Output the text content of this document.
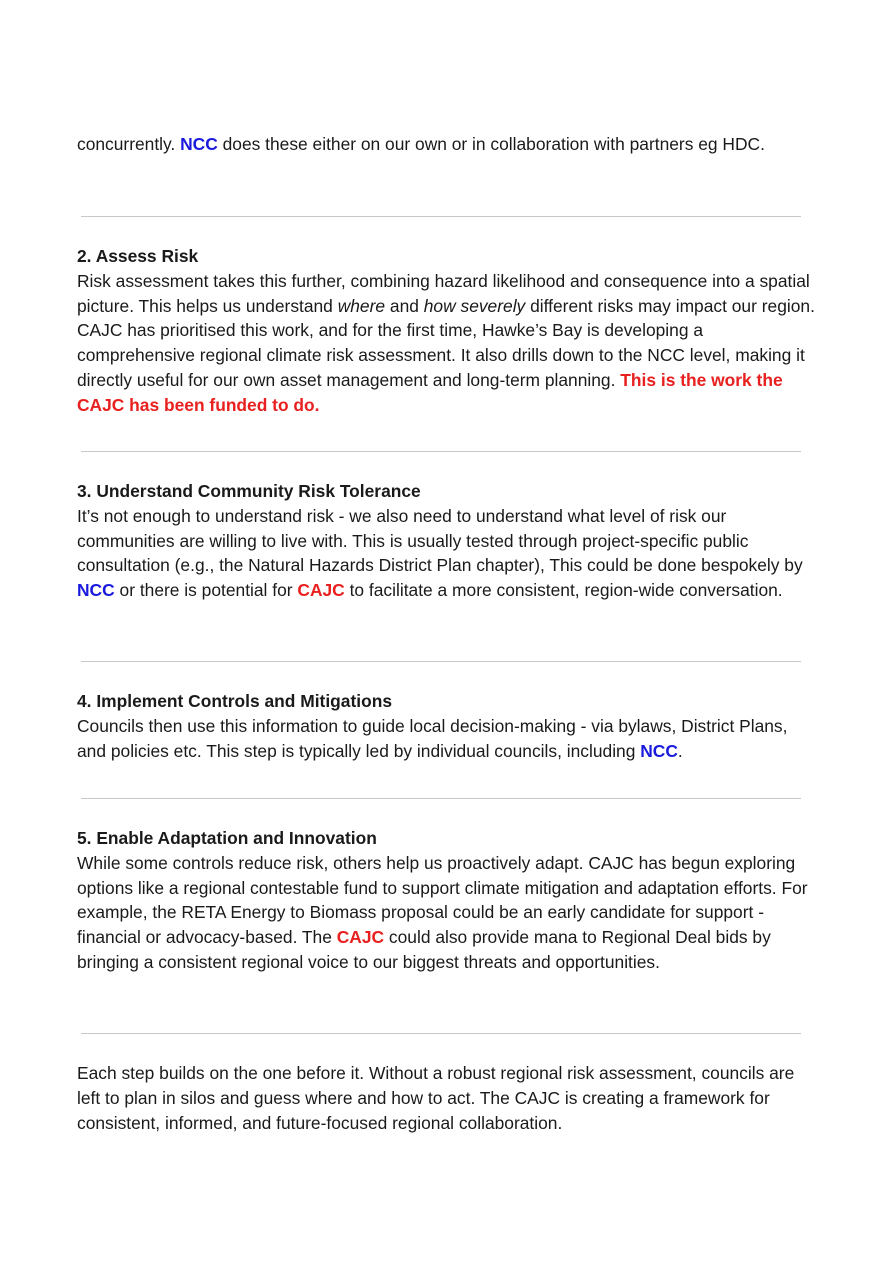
concurrently. NCC does these either on our own or in collaboration with partners eg HDC.

2. Assess Risk
Risk assessment takes this further, combining hazard likelihood and consequence into a spatial picture. This helps us understand where and how severely different risks may impact our region. CAJC has prioritised this work, and for the first time, Hawke’s Bay is developing a comprehensive regional climate risk assessment. It also drills down to the NCC level, making it directly useful for our own asset management and long-term planning. This is the work the CAJC has been funded to do.
3. Understand Community Risk Tolerance
It’s not enough to understand risk - we also need to understand what level of risk our communities are willing to live with. This is usually tested through project-specific public consultation (e.g., the Natural Hazards District Plan chapter), This could be done bespokely by NCC or there is potential for CAJC to facilitate a more consistent, region-wide conversation.
4. Implement Controls and Mitigations
Councils then use this information to guide local decision-making - via bylaws, District Plans, and policies etc. This step is typically led by individual councils, including NCC.
5. Enable Adaptation and Innovation
While some controls reduce risk, others help us proactively adapt. CAJC has begun exploring options like a regional contestable fund to support climate mitigation and adaptation efforts. For example, the RETA Energy to Biomass proposal could be an early candidate for support - financial or advocacy-based. The CAJC could also provide mana to Regional Deal bids by bringing a consistent regional voice to our biggest threats and opportunities.

Each step builds on the one before it. Without a robust regional risk assessment, councils are left to plan in silos and guess where and how to act. The CAJC is creating a framework for consistent, informed, and future-focused regional collaboration.
